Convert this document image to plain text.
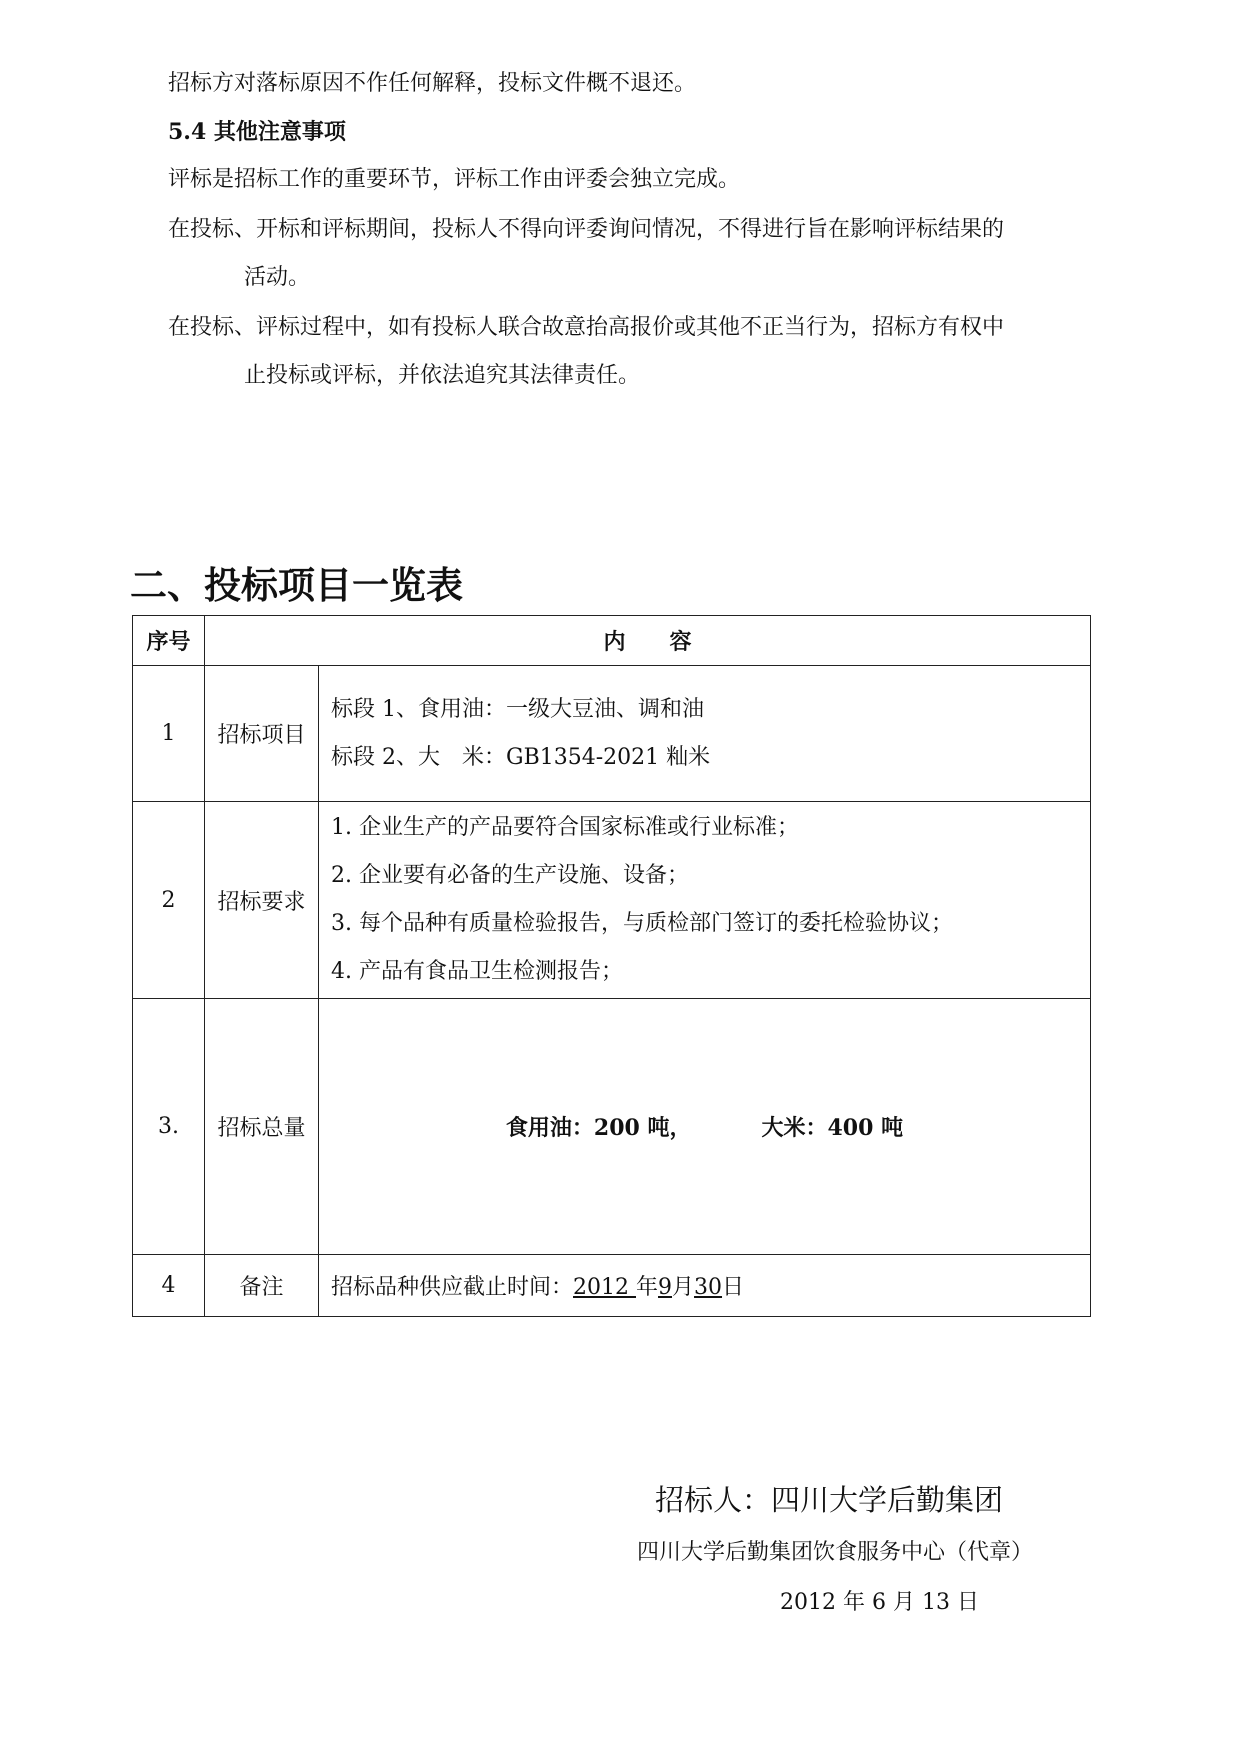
招标方对落标原因不作任何解释，投标文件概不退还。
5.4 其他注意事项
评标是招标工作的重要环节，评标工作由评委会独立完成。
在投标、开标和评标期间，投标人不得向评委询问情况，不得进行旨在影响评标结果的
活动。
在投标、评标过程中，如有投标人联合故意抬高报价或其他不正当行为，招标方有权中
止投标或评标，并依法追究其法律责任。
二、投标项目一览表
序号	内　　容	
1	招标项目	标段 1、食用油：一级大豆油、调和油
标段 2、大　米：GB1354-2021 籼米

2	招标要求	1. 企业生产的产品要符合国家标准或行业标准；
2. 企业要有必备的生产设施、设备；
3. 每个品种有质量检验报告，与质检部门签订的委托检验协议；
4. 产品有食品卫生检测报告；

3.	招标总量	食用油：200 吨， 大米：400 吨
4	备注	招标品种供应截止时间：2012 年9月30日
招标人：四川大学后勤集团
四川大学后勤集团饮食服务中心（代章）
2012 年 6 月 13 日
